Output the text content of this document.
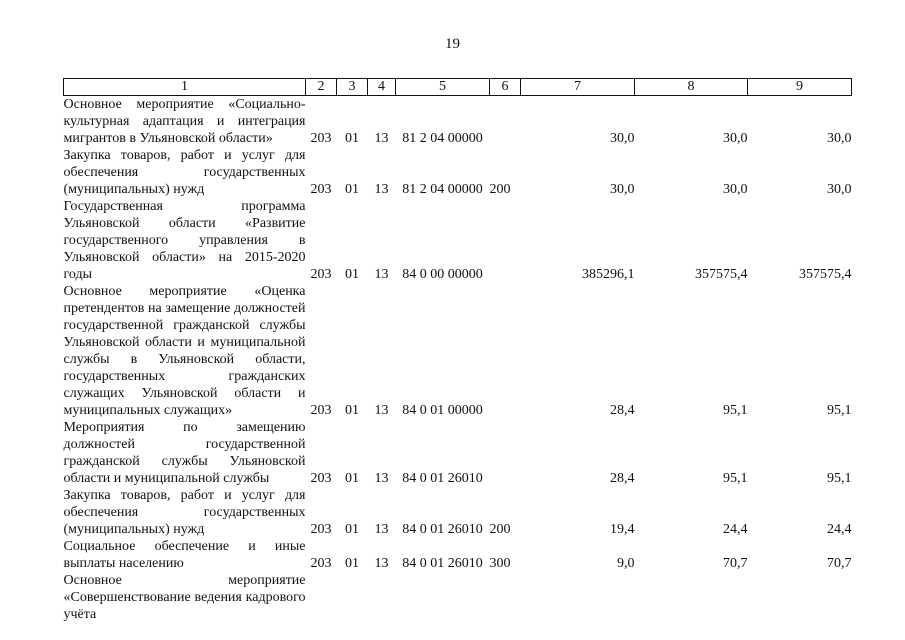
19
1	2	3	4	5	6	7	8	9
Основное мероприятие «Социально-культурная адаптация и интеграция мигрантов в Ульяновской области»	203	01	13	81 2 04 00000		30,0	30,0	30,0
Закупка товаров, работ и услуг для обеспечения государственных (муниципальных) нужд	203	01	13	81 2 04 00000	200	30,0	30,0	30,0
Государственная программа Ульяновской области «Развитие государственного управления в Ульяновской области» на 2015-2020 годы	203	01	13	84 0 00 00000		385296,1	357575,4	357575,4
Основное мероприятие «Оценка претендентов на замещение должностей государственной гражданской службы Ульяновской области и муниципальной службы в Ульяновской области, государственных гражданских служащих Ульяновской области и муниципальных служащих»	203	01	13	84 0 01 00000		28,4	95,1	95,1
Мероприятия по замещению должностей государственной гражданской службы Ульяновской области и муниципальной службы	203	01	13	84 0 01 26010		28,4	95,1	95,1
Закупка товаров, работ и услуг для обеспечения государственных (муниципальных) нужд	203	01	13	84 0 01 26010	200	19,4	24,4	24,4
Социальное обеспечение и иные выплаты населению	203	01	13	84 0 01 26010	300	9,0	70,7	70,7
Основное мероприятие «Совершенствование ведения кадрового учёта								
